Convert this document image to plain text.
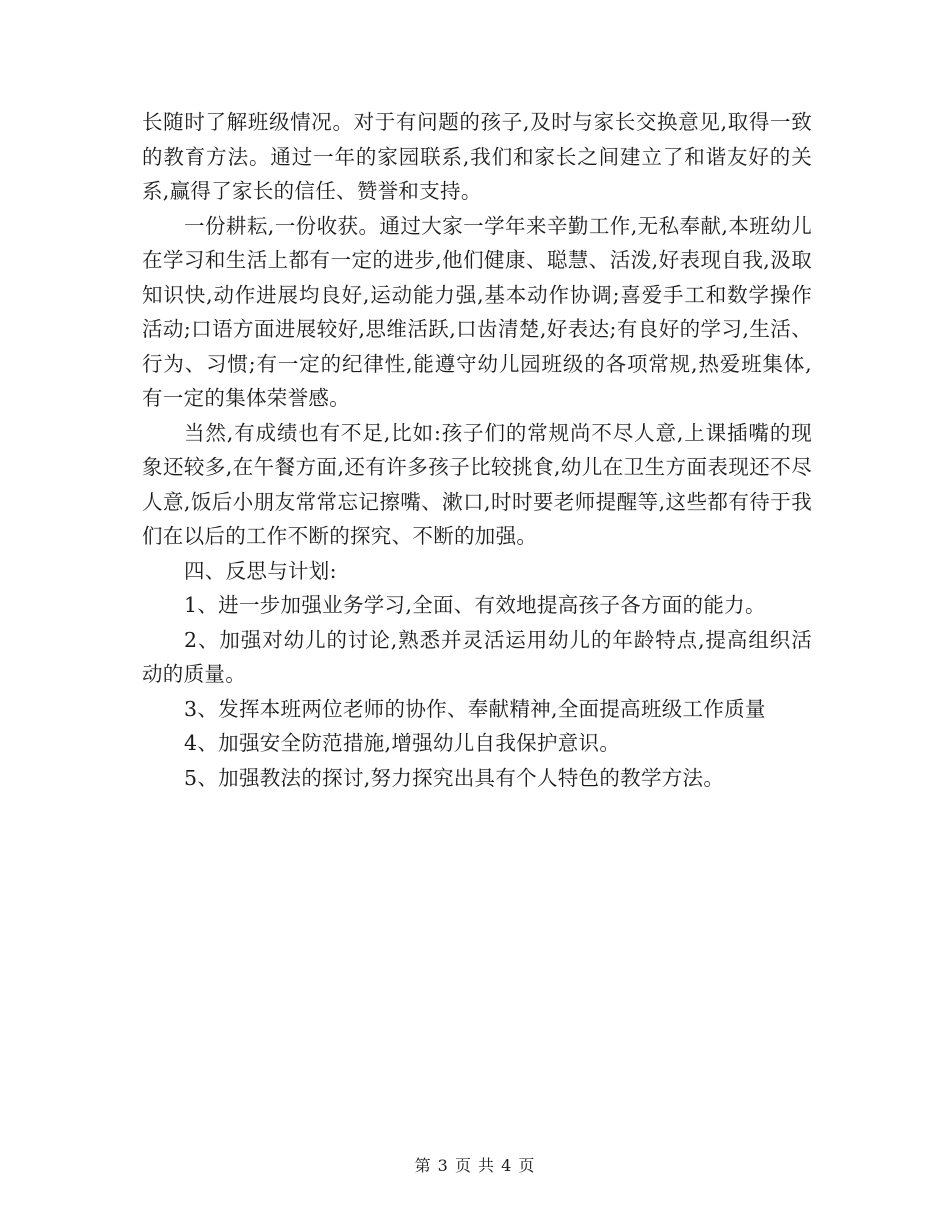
长随时了解班级情况。对于有问题的孩子,及时与家长交换意见,取得一致的教育方法。通过一年的家园联系,我们和家长之间建立了和谐友好的关系,赢得了家长的信任、赞誉和支持。

一份耕耘,一份收获。通过大家一学年来辛勤工作,无私奉献,本班幼儿在学习和生活上都有一定的进步,他们健康、聪慧、活泼,好表现自我,汲取知识快,动作进展均良好,运动能力强,基本动作协调;喜爱手工和数学操作活动;口语方面进展较好,思维活跃,口齿清楚,好表达;有良好的学习,生活、行为、习惯;有一定的纪律性,能遵守幼儿园班级的各项常规,热爱班集体,有一定的集体荣誉感。

当然,有成绩也有不足,比如:孩子们的常规尚不尽人意,上课插嘴的现象还较多,在午餐方面,还有许多孩子比较挑食,幼儿在卫生方面表现还不尽人意,饭后小朋友常常忘记擦嘴、漱口,时时要老师提醒等,这些都有待于我们在以后的工作不断的探究、不断的加强。

四、反思与计划:

1、进一步加强业务学习,全面、有效地提高孩子各方面的能力。

2、加强对幼儿的讨论,熟悉并灵活运用幼儿的年龄特点,提高组织活动的质量。

3、发挥本班两位老师的协作、奉献精神,全面提高班级工作质量

4、加强安全防范措施,增强幼儿自我保护意识。

5、加强教法的探讨,努力探究出具有个人特色的教学方法。

第 3 页 共 4 页
